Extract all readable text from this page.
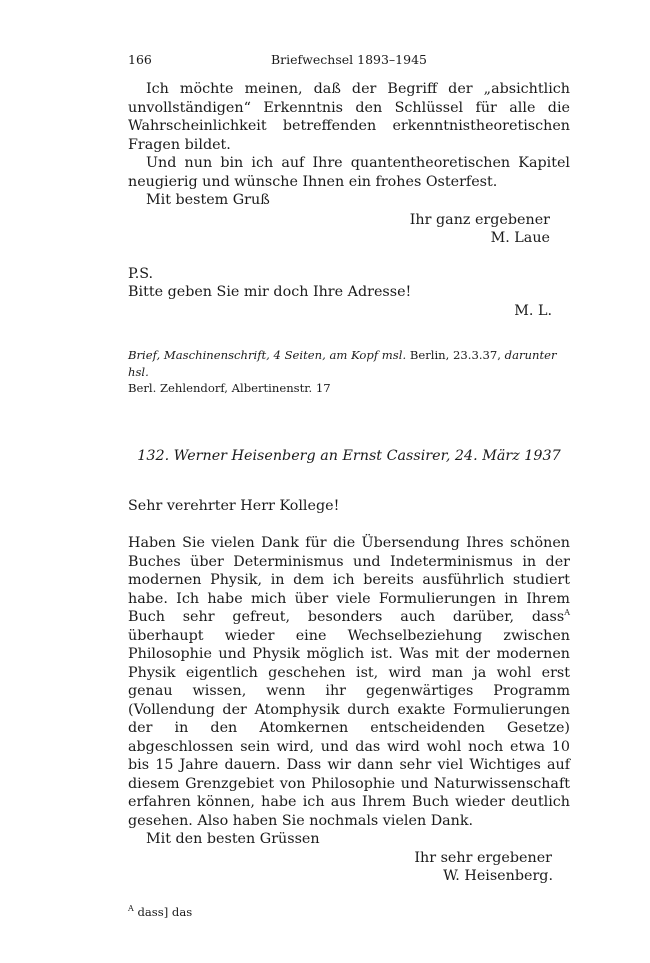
166	Briefwechsel 1893–1945

Ich möchte meinen, daß der Begriff der „absichtlich unvollständigen“ Erkenntnis den Schlüssel für alle die Wahrscheinlichkeit betreffenden erkenntnistheoretischen Fragen bildet.

Und nun bin ich auf Ihre quantentheoretischen Kapitel neugierig und wünsche Ihnen ein frohes Osterfest.

Mit bestem Gruß

Ihr ganz ergebener
M. Laue
P.S.
Bitte geben Sie mir doch Ihre Adresse!
M. L.

Brief, Maschinenschrift, 4 Seiten, am Kopf msl. Berlin, 23.3.37, darunter hsl.

Berl. Zehlendorf, Albertinenstr. 17

132. Werner Heisenberg an Ernst Cassirer, 24. März 1937
Sehr verehrter Herr Kollege!

Haben Sie vielen Dank für die Übersendung Ihres schönen Buches über Determinismus und Indeterminismus in der modernen Physik, in dem ich bereits ausführlich studiert habe. Ich habe mich über viele Formulierungen in Ihrem Buch sehr gefreut, besonders auch darüber, dass$^A$ überhaupt wieder eine Wechselbeziehung zwischen Philosophie und Physik möglich ist. Was mit der modernen Physik eigentlich geschehen ist, wird man ja wohl erst genau wissen, wenn ihr gegenwärtiges Programm (Vollendung der Atomphysik durch exakte Formulierungen der in den Atomkernen entscheidenden Gesetze) abgeschlossen sein wird, und das wird wohl noch etwa 10 bis 15 Jahre dauern. Dass wir dann sehr viel Wichtiges auf diesem Grenzgebiet von Philosophie und Naturwissenschaft erfahren können, habe ich aus Ihrem Buch wieder deutlich gesehen. Also haben Sie nochmals vielen Dank.

Mit den besten Grüssen

Ihr sehr ergebener
W. Heisenberg.
$^A$ dass] das
